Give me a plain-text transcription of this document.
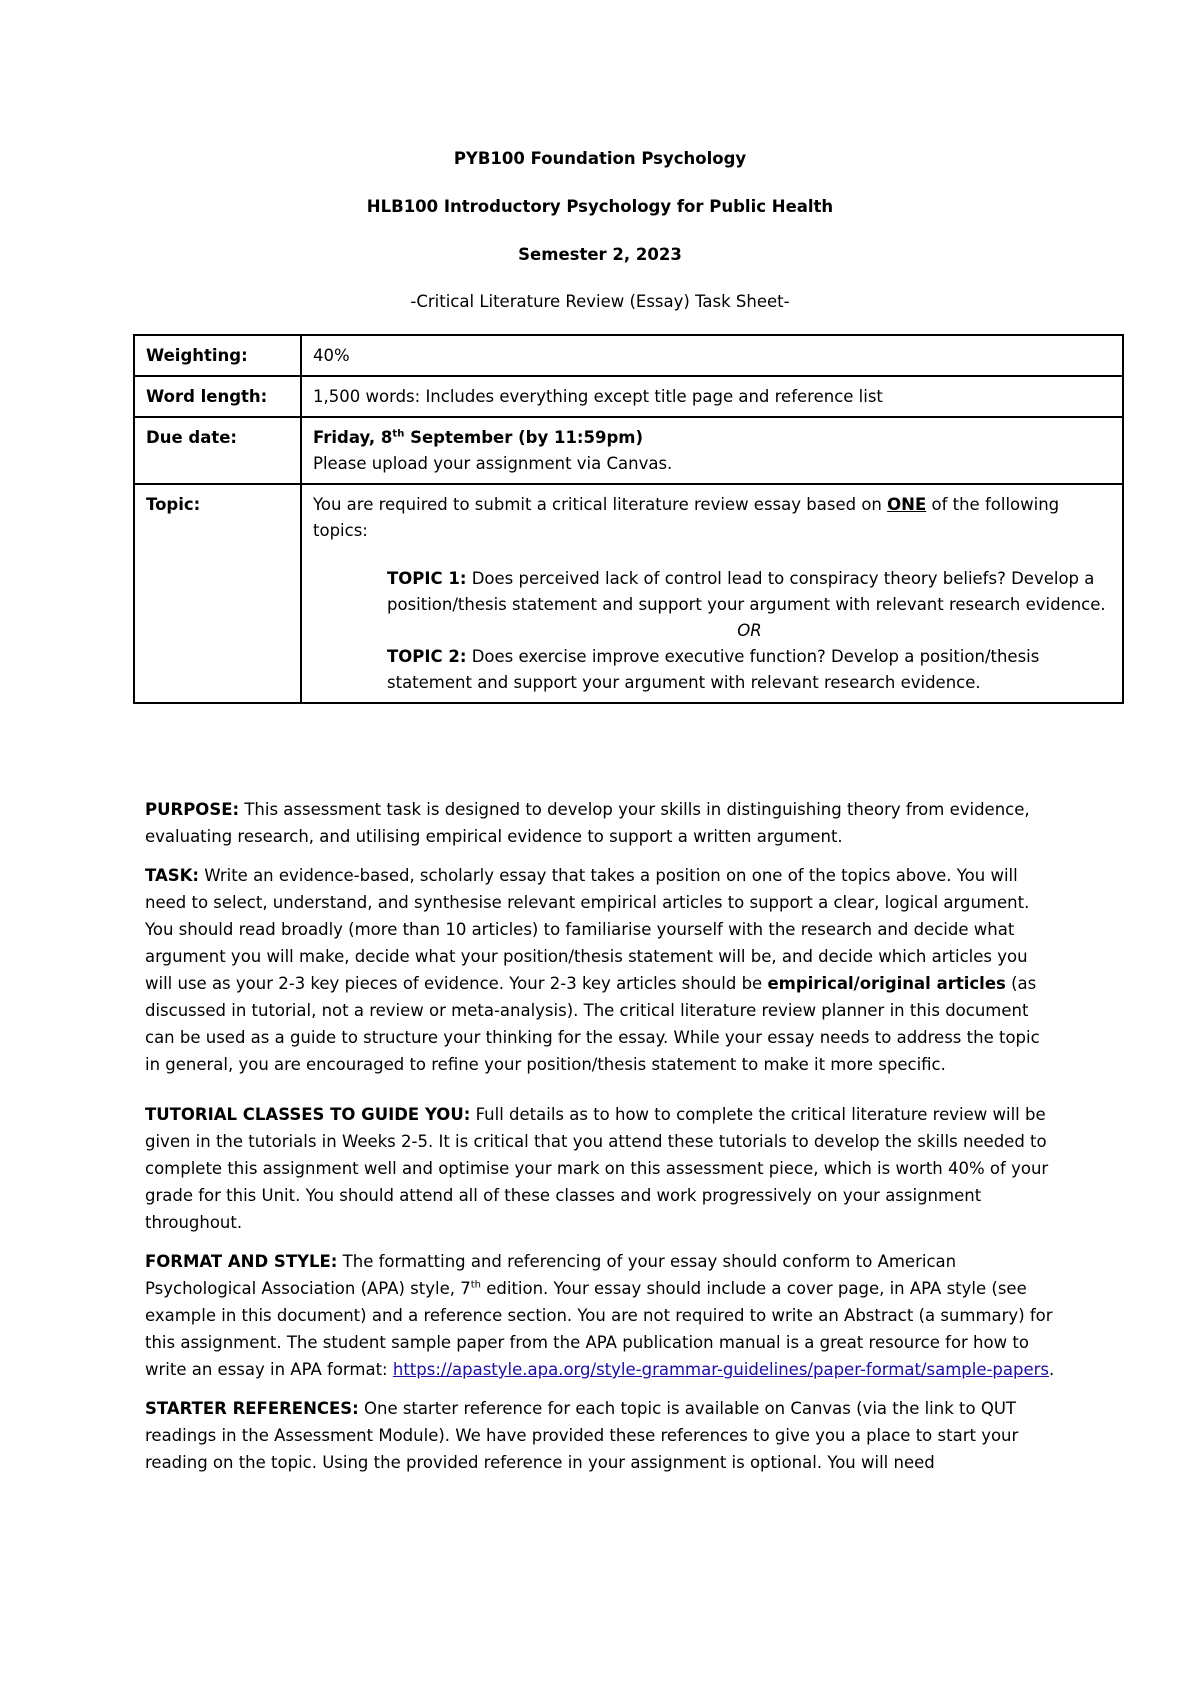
PYB100 Foundation Psychology
HLB100 Introductory Psychology for Public Health
Semester 2, 2023
-Critical Literature Review (Essay) Task Sheet-
Weighting:	40%
Word length:	1,500 words: Includes everything except title page and reference list
Due date:	Friday, 8th September (by 11:59pm)
Please upload your assignment via Canvas.
Topic:	You are required to submit a critical literature review essay based on ONE of the following topics:
TOPIC 1: Does perceived lack of control lead to conspiracy theory beliefs? Develop a position/thesis statement and support your argument with relevant research evidence.
OR
TOPIC 2: Does exercise improve executive function? Develop a position/thesis statement and support your argument with relevant research evidence.

PURPOSE: This assessment task is designed to develop your skills in distinguishing theory from evidence, evaluating research, and utilising empirical evidence to support a written argument.

TASK: Write an evidence-based, scholarly essay that takes a position on one of the topics above. You will need to select, understand, and synthesise relevant empirical articles to support a clear, logical argument. You should read broadly (more than 10 articles) to familiarise yourself with the research and decide what argument you will make, decide what your position/thesis statement will be, and decide which articles you will use as your 2-3 key pieces of evidence. Your 2-3 key articles should be empirical/original articles (as discussed in tutorial, not a review or meta-analysis). The critical literature review planner in this document can be used as a guide to structure your thinking for the essay. While your essay needs to address the topic in general, you are encouraged to refine your position/thesis statement to make it more specific.

TUTORIAL CLASSES TO GUIDE YOU: Full details as to how to complete the critical literature review will be given in the tutorials in Weeks 2-5. It is critical that you attend these tutorials to develop the skills needed to complete this assignment well and optimise your mark on this assessment piece, which is worth 40% of your grade for this Unit. You should attend all of these classes and work progressively on your assignment throughout.

FORMAT AND STYLE: The formatting and referencing of your essay should conform to American Psychological Association (APA) style, 7th edition. Your essay should include a cover page, in APA style (see example in this document) and a reference section. You are not required to write an Abstract (a summary) for this assignment. The student sample paper from the APA publication manual is a great resource for how to write an essay in APA format: https://apastyle.apa.org/style-grammar-guidelines/paper-format/sample-papers.

STARTER REFERENCES: One starter reference for each topic is available on Canvas (via the link to QUT readings in the Assessment Module). We have provided these references to give you a place to start your reading on the topic. Using the provided reference in your assignment is optional. You will need
